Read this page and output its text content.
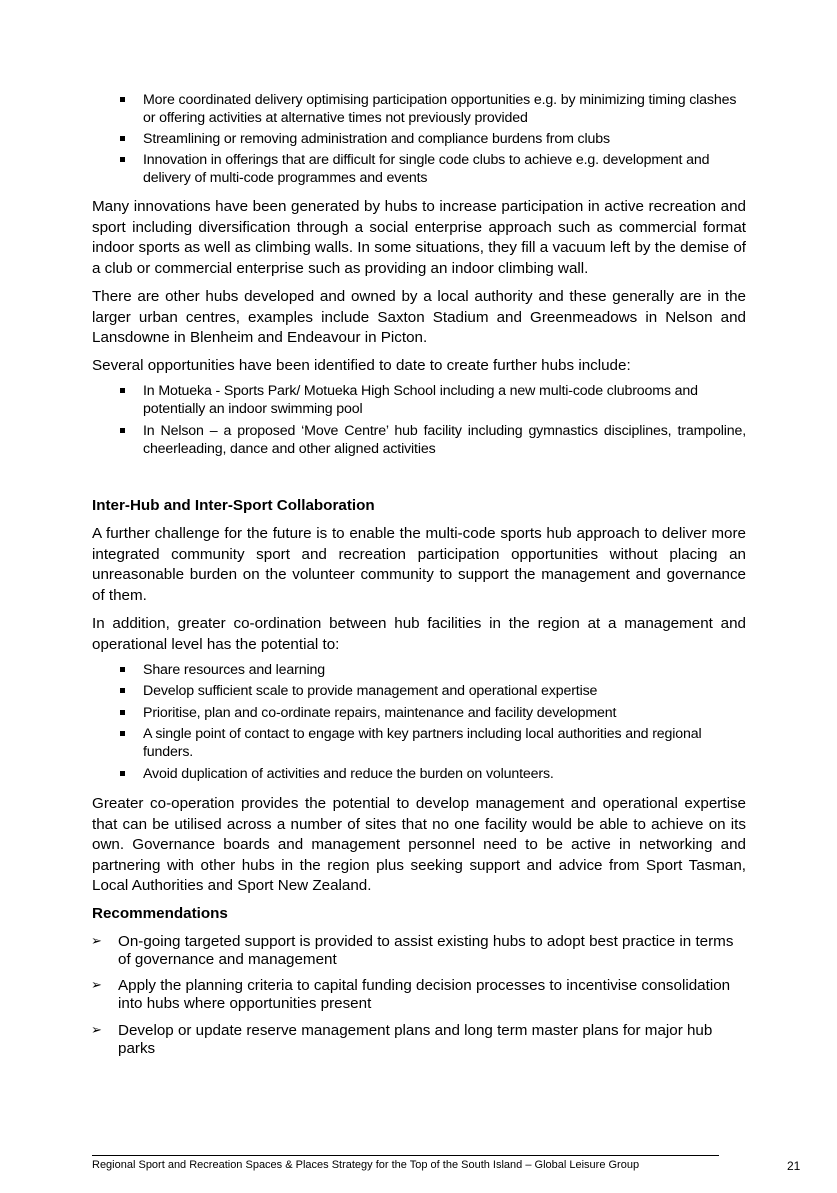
More coordinated delivery optimising participation opportunities e.g. by minimizing timing clashes or offering activities at alternative times not previously provided

Streamlining or removing administration and compliance burdens from clubs

Innovation in offerings that are difficult for single code clubs to achieve e.g. development and delivery of multi-code programmes and events

Many innovations have been generated by hubs to increase participation in active recreation and sport including diversification through a social enterprise approach such as commercial format indoor sports as well as climbing walls. In some situations, they fill a vacuum left by the demise of a club or commercial enterprise such as providing an indoor climbing wall.

There are other hubs developed and owned by a local authority and these generally are in the larger urban centres, examples include Saxton Stadium and Greenmeadows in Nelson and Lansdowne in Blenheim and Endeavour in Picton.

Several opportunities have been identified to date to create further hubs include:

In Motueka - Sports Park/ Motueka High School including a new multi-code clubrooms and potentially an indoor swimming pool

In Nelson – a proposed ‘Move Centre’ hub facility including gymnastics disciplines, trampoline, cheerleading, dance and other aligned activities

Inter-Hub and Inter-Sport Collaboration

A further challenge for the future is to enable the multi-code sports hub approach to deliver more integrated community sport and recreation participation opportunities without placing an unreasonable burden on the volunteer community to support the management and governance of them.

In addition, greater co-ordination between hub facilities in the region at a management and operational level has the potential to:

Share resources and learning

Develop sufficient scale to provide management and operational expertise

Prioritise, plan and co-ordinate repairs, maintenance and facility development

A single point of contact to engage with key partners including local authorities and regional funders.

Avoid duplication of activities and reduce the burden on volunteers.

Greater co-operation provides the potential to develop management and operational expertise that can be utilised across a number of sites that no one facility would be able to achieve on its own. Governance boards and management personnel need to be active in networking and partnering with other hubs in the region plus seeking support and advice from Sport Tasman, Local Authorities and Sport New Zealand.

Recommendations

➢ On-going targeted support is provided to assist existing hubs to adopt best practice in terms of governance and management

➢ Apply the planning criteria to capital funding decision processes to incentivise consolidation into hubs where opportunities present

➢ Develop or update reserve management plans and long term master plans for major hub parks

Regional Sport and Recreation Spaces & Places Strategy for the Top of the South Island – Global Leisure Group	21
